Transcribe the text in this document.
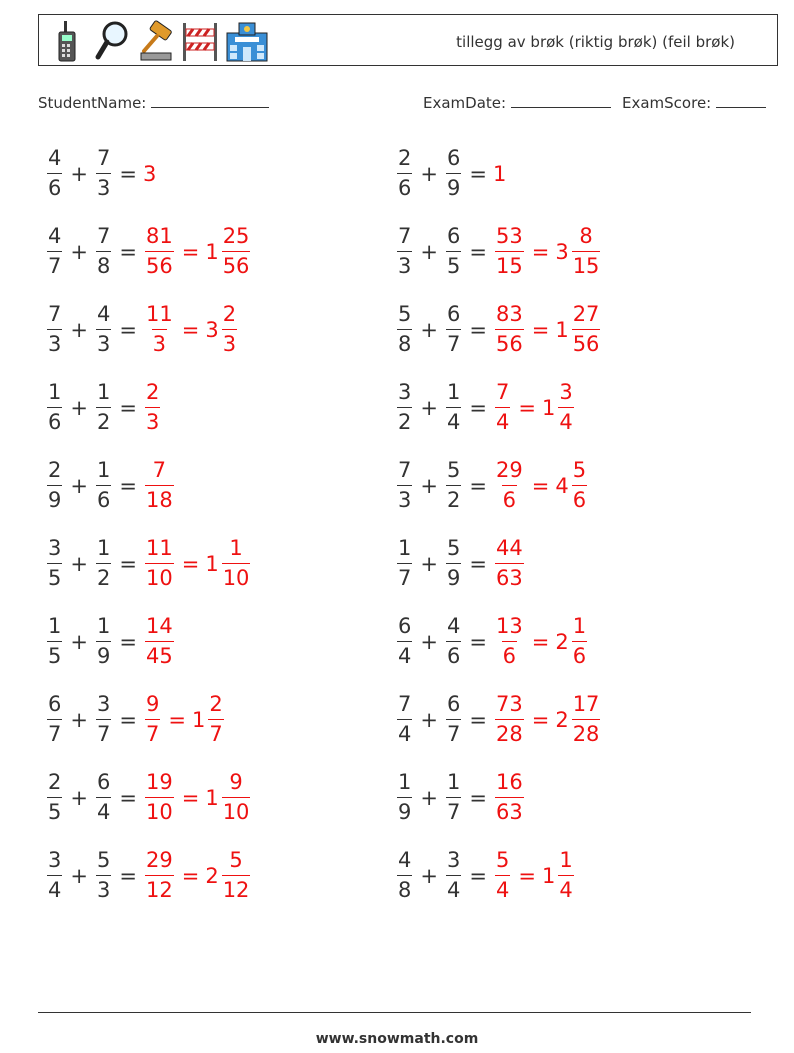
tillegg av brøk (riktig brøk) (feil brøk)
StudentName:	ExamDate:	ExamScore:
$\frac{4}{6} + \frac{7}{3} = 3$
$\frac{4}{7} + \frac{7}{8} = \frac{81}{56} = 1 \frac{25}{56}$
$\frac{7}{3} + \frac{4}{3} = \frac{11}{3} = 3 \frac{2}{3}$
$\frac{1}{6} + \frac{1}{2} = \frac{2}{3}$
$\frac{2}{9} + \frac{1}{6} = \frac{7}{18}$
$\frac{3}{5} + \frac{1}{2} = \frac{11}{10} = 1 \frac{1}{10}$
$\frac{1}{5} + \frac{1}{9} = \frac{14}{45}$
$\frac{6}{7} + \frac{3}{7} = \frac{9}{7} = 1 \frac{2}{7}$
$\frac{2}{5} + \frac{6}{4} = \frac{19}{10} = 1 \frac{9}{10}$
$\frac{3}{4} + \frac{5}{3} = \frac{29}{12} = 2 \frac{5}{12}$
$\frac{2}{6} + \frac{6}{9} = 1$
$\frac{7}{3} + \frac{6}{5} = \frac{53}{15} = 3 \frac{8}{15}$
$\frac{5}{8} + \frac{6}{7} = \frac{83}{56} = 1 \frac{27}{56}$
$\frac{3}{2} + \frac{1}{4} = \frac{7}{4} = 1 \frac{3}{4}$
$\frac{7}{3} + \frac{5}{2} = \frac{29}{6} = 4 \frac{5}{6}$
$\frac{1}{7} + \frac{5}{9} = \frac{44}{63}$
$\frac{6}{4} + \frac{4}{6} = \frac{13}{6} = 2 \frac{1}{6}$
$\frac{7}{4} + \frac{6}{7} = \frac{73}{28} = 2 \frac{17}{28}$
$\frac{1}{9} + \frac{1}{7} = \frac{16}{63}$
$\frac{4}{8} + \frac{3}{4} = \frac{5}{4} = 1 \frac{1}{4}$
www.snowmath.com
